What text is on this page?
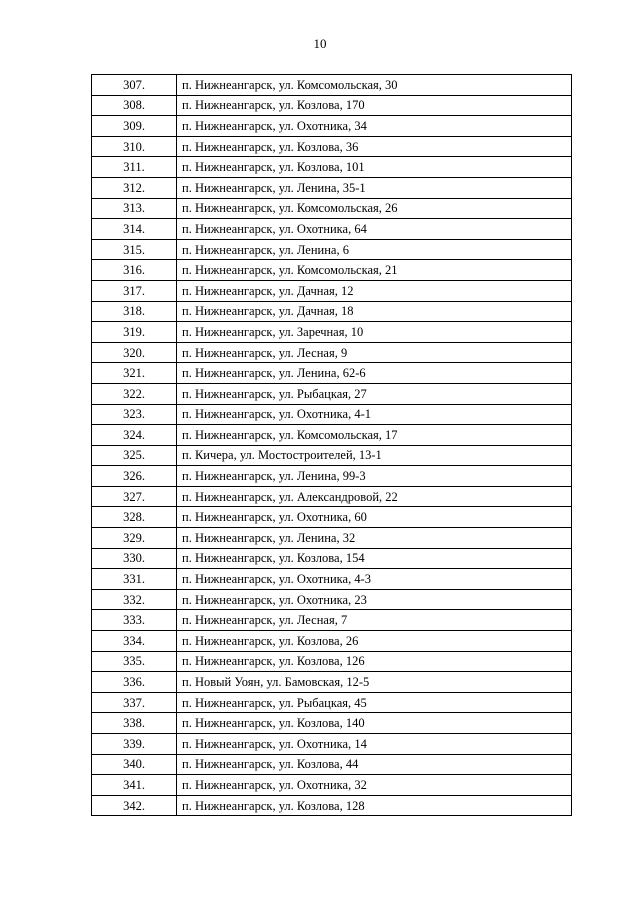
10
307.	п. Нижнеангарск, ул. Комсомольская, 30
308.	п. Нижнеангарск, ул. Козлова, 170
309.	п. Нижнеангарск, ул. Охотника, 34
310.	п. Нижнеангарск, ул. Козлова, 36
311.	п. Нижнеангарск, ул. Козлова, 101
312.	п. Нижнеангарск, ул. Ленина, 35-1
313.	п. Нижнеангарск, ул. Комсомольская, 26
314.	п. Нижнеангарск, ул. Охотника, 64
315.	п. Нижнеангарск, ул. Ленина, 6
316.	п. Нижнеангарск, ул. Комсомольская, 21
317.	п. Нижнеангарск, ул. Дачная, 12
318.	п. Нижнеангарск, ул. Дачная, 18
319.	п. Нижнеангарск, ул. Заречная, 10
320.	п. Нижнеангарск, ул. Лесная, 9
321.	п. Нижнеангарск, ул. Ленина, 62-6
322.	п. Нижнеангарск, ул. Рыбацкая, 27
323.	п. Нижнеангарск, ул. Охотника, 4-1
324.	п. Нижнеангарск, ул. Комсомольская, 17
325.	п. Кичера, ул. Мостостроителей, 13-1
326.	п. Нижнеангарск, ул. Ленина, 99-3
327.	п. Нижнеангарск, ул. Александровой, 22
328.	п. Нижнеангарск, ул. Охотника, 60
329.	п. Нижнеангарск, ул. Ленина, 32
330.	п. Нижнеангарск, ул. Козлова, 154
331.	п. Нижнеангарск, ул. Охотника, 4-3
332.	п. Нижнеангарск, ул. Охотника, 23
333.	п. Нижнеангарск, ул. Лесная, 7
334.	п. Нижнеангарск, ул. Козлова, 26
335.	п. Нижнеангарск, ул. Козлова, 126
336.	п. Новый Уоян, ул. Бамовская, 12-5
337.	п. Нижнеангарск, ул. Рыбацкая, 45
338.	п. Нижнеангарск, ул. Козлова, 140
339.	п. Нижнеангарск, ул. Охотника, 14
340.	п. Нижнеангарск, ул. Козлова, 44
341.	п. Нижнеангарск, ул. Охотника, 32
342.	п. Нижнеангарск, ул. Козлова, 128
